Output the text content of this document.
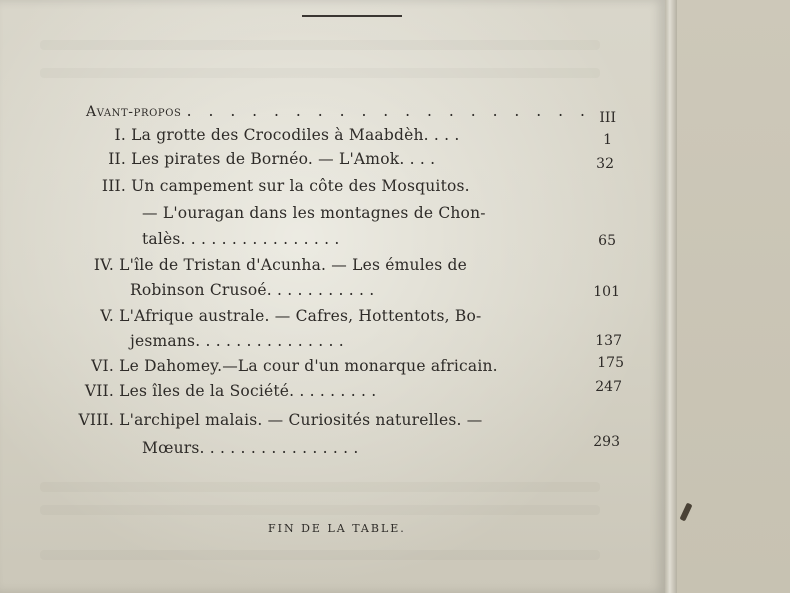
Avant-propos . . . . . . . . . . . . . . . . . . . III
I. La grotte des Crocodiles à Maabdèh. . . .	1
II. Les pirates de Bornéo. — L'Amok. . . .	32
III. Un campement sur la côte des Mosquitos.
— L'ouragan dans les montagnes de Chon-
talès. . . . . . . . . . . . . . . .	65
IV. L'île de Tristan d'Acunha. — Les émules de
Robinson Crusoé. . . . . . . . . . .	101
V. L'Afrique australe. — Cafres, Hottentots, Bo-
jesmans. . . . . . . . . . . . . . .	137
VI. Le Dahomey.—La cour d'un monarque africain.	175
VII. Les îles de la Société. . . . . . . . .	247
VIII. L'archipel malais. — Curiosités naturelles. —
Mœurs. . . . . . . . . . . . . . . .	293
FIN DE LA TABLE.
